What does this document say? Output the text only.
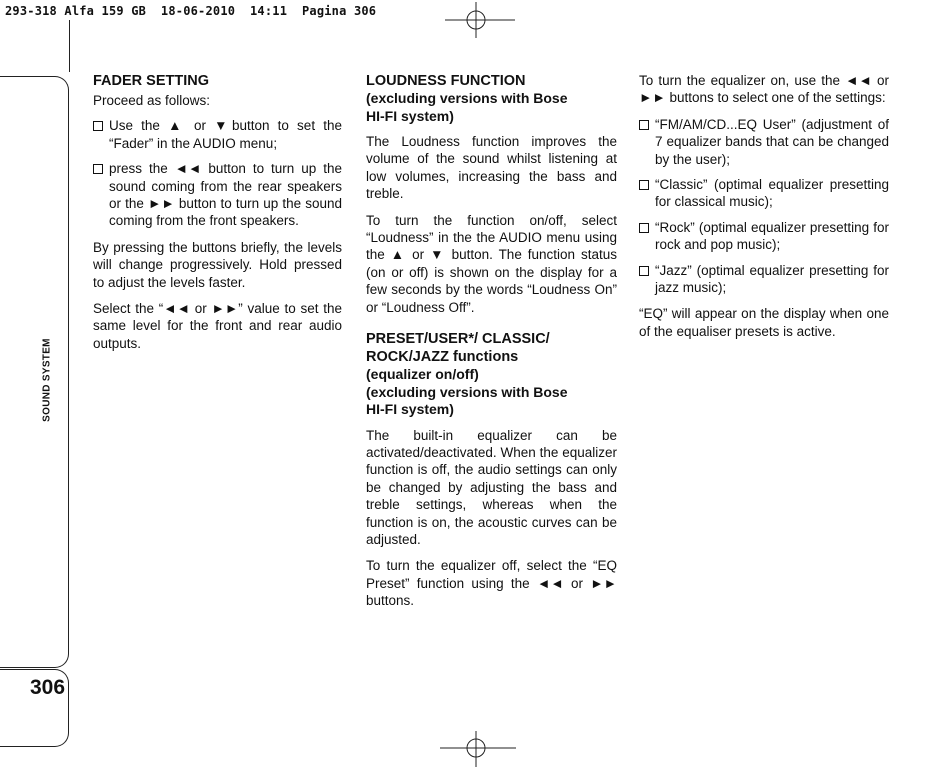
293-318 Alfa 159 GB  18-06-2010  14:11  Pagina 306
SOUND SYSTEM
306
FADER SETTING

Proceed as follows:

Use the ▲ or ▼button to set the “Fader” in the AUDIO menu;
press the ◄◄ button to turn up the sound coming from the rear speakers or the ►► button to turn up the sound coming from the front speakers.

By pressing the buttons briefly, the levels will change progressively. Hold pressed to adjust the levels faster.

Select the “◄◄ or ►►” value to set the same level for the front and rear audio outputs.

LOUDNESS FUNCTION
(excluding versions with Bose
HI-FI system)

The Loudness function improves the volume of the sound whilst listening at low volumes, increasing the bass and treble.

To turn the function on/off, select “Loudness” in the the AUDIO menu using the ▲ or ▼ button. The function status (on or off) is shown on the display for a few seconds by the words “Loudness On” or “Loudness Off”.

PRESET/USER*/ CLASSIC/
ROCK/JAZZ functions
(equalizer on/off)
(excluding versions with Bose
HI-FI system)

The built-in equalizer can be activated/deactivated. When the equalizer function is off, the audio settings can only be changed by adjusting the bass and treble settings, whereas when the function is on, the acoustic curves can be adjusted.

To turn the equalizer off, select the “EQ Preset” function using the ◄◄ or ►► buttons.

To turn the equalizer on, use the ◄◄ or ►► buttons to select one of the settings:

“FM/AM/CD...EQ User” (adjustment of 7 equalizer bands that can be changed by the user);
“Classic” (optimal equalizer presetting for classical music);
“Rock” (optimal equalizer presetting for rock and pop music);
“Jazz” (optimal equalizer presetting for jazz music);

“EQ” will appear on the display when one of the equaliser presets is active.
